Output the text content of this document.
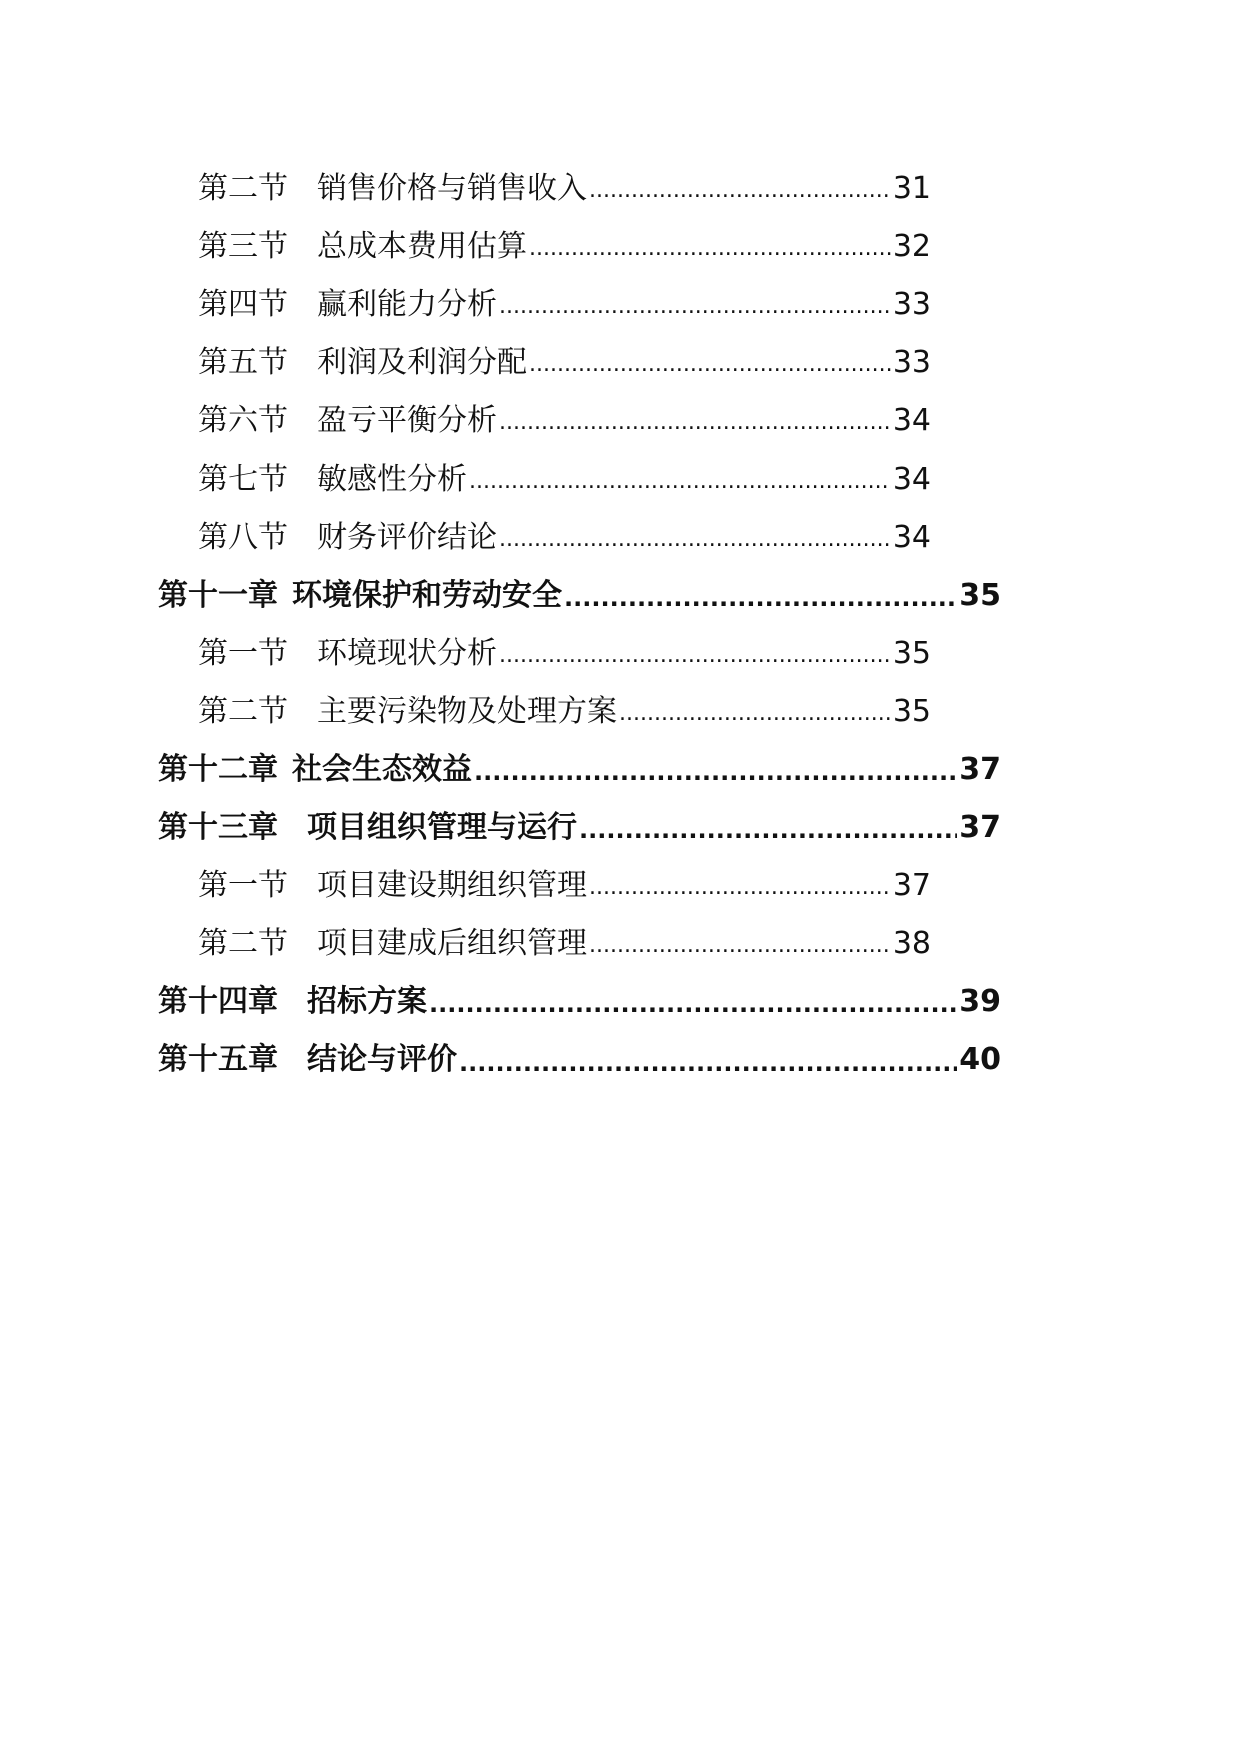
第二节 销售价格与销售收入 .....	31
第三节 总成本费用估算 .....	32
第四节 赢利能力分析 .....	33
第五节 利润及利润分配 .....	33
第六节 盈亏平衡分析 .....	34
第七节 敏感性分析 .....	34
第八节 财务评价结论 .....	34
第十一章 环境保护和劳动安全 .....	35
第一节 环境现状分析 .....	35
第二节 主要污染物及处理方案 .....	35
第十二章 社会生态效益 .....	37
第十三章 项目组织管理与运行 .....	37
第一节 项目建设期组织管理 .....	37
第二节 项目建成后组织管理 .....	38
第十四章 招标方案 .....	39
第十五章 结论与评价 .....	40
